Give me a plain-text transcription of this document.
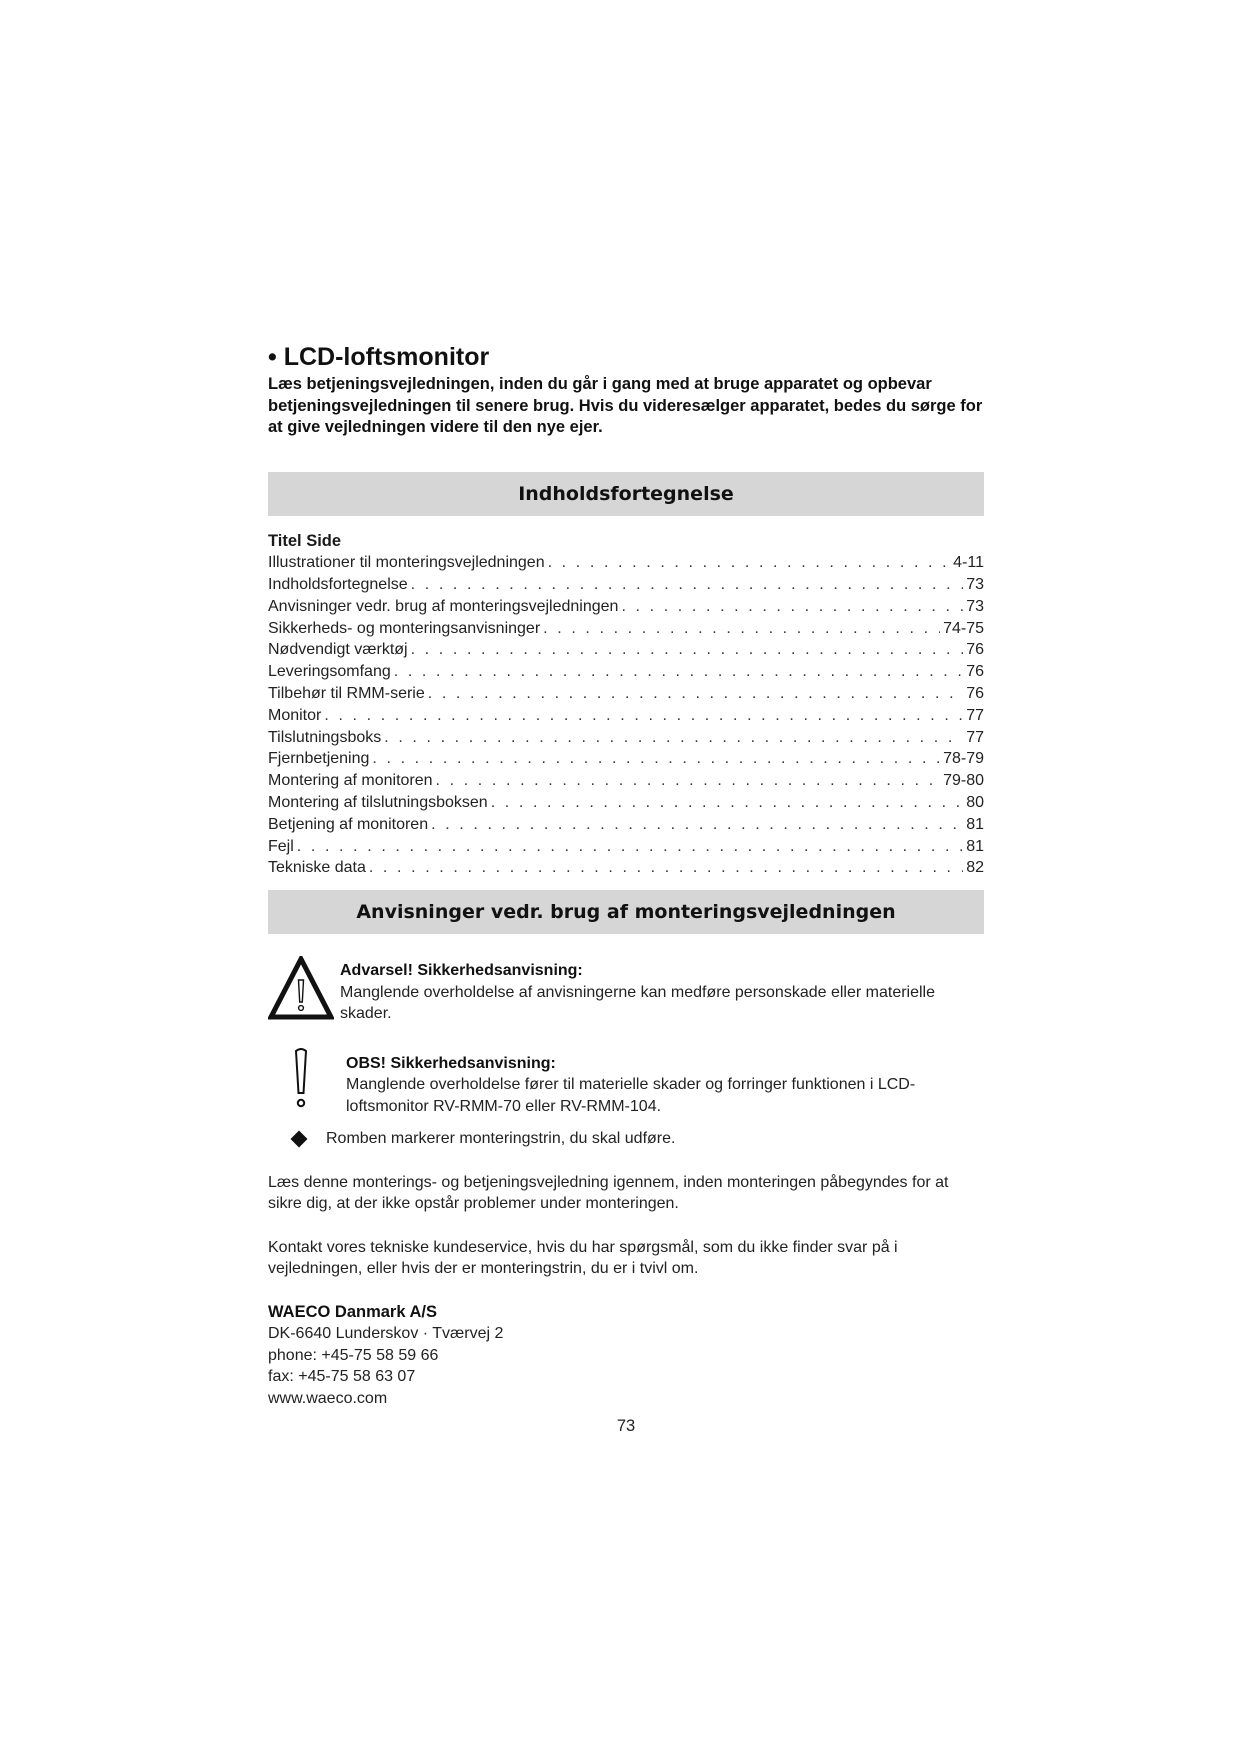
• LCD-loftsmonitor

Læs betjeningsvejledningen, inden du går i gang med at bruge apparatet og opbevar betjeningsvejledningen til senere brug. Hvis du videresælger apparatet, bedes du sørge for at give vejledningen videre til den nye ejer.

Indholdsfortegnelse
Titel Side
Illustrationer til monteringsvejledningen . . .	4-11
Indholdsfortegnelse . . .	73
Anvisninger vedr. brug af monteringsvejledningen . . .	73
Sikkerheds- og monteringsanvisninger . . .	74-75
Nødvendigt værktøj . . .	76
Leveringsomfang . . .	76
Tilbehør til RMM-serie . . .	76
Monitor . . .	77
Tilslutningsboks . . .	77
Fjernbetjening . . .	78-79
Montering af monitoren . . .	79-80
Montering af tilslutningsboksen . . .	80
Betjening af monitoren . . .	81
Fejl . . .	81
Tekniske data . . .	82
Anvisninger vedr. brug af monteringsvejledningen
Advarsel! Sikkerhedsanvisning:
Manglende overholdelse af anvisningerne kan medføre personskade eller materielle skader.
OBS! Sikkerhedsanvisning:
Manglende overholdelse fører til materielle skader og forringer funktionen i LCD-loftsmonitor RV-RMM-70 eller RV-RMM-104.
Romben markerer monteringstrin, du skal udføre.

Læs denne monterings- og betjeningsvejledning igennem, inden monteringen påbegyndes for at sikre dig, at der ikke opstår problemer under monteringen.

Kontakt vores tekniske kundeservice, hvis du har spørgsmål, som du ikke finder svar på i vejledningen, eller hvis der er monteringstrin, du er i tvivl om.

WAECO Danmark A/S
DK-6640 Lunderskov · Tværvej 2
phone: +45-75 58 59 66
fax: +45-75 58 63 07
www.waeco.com
73
